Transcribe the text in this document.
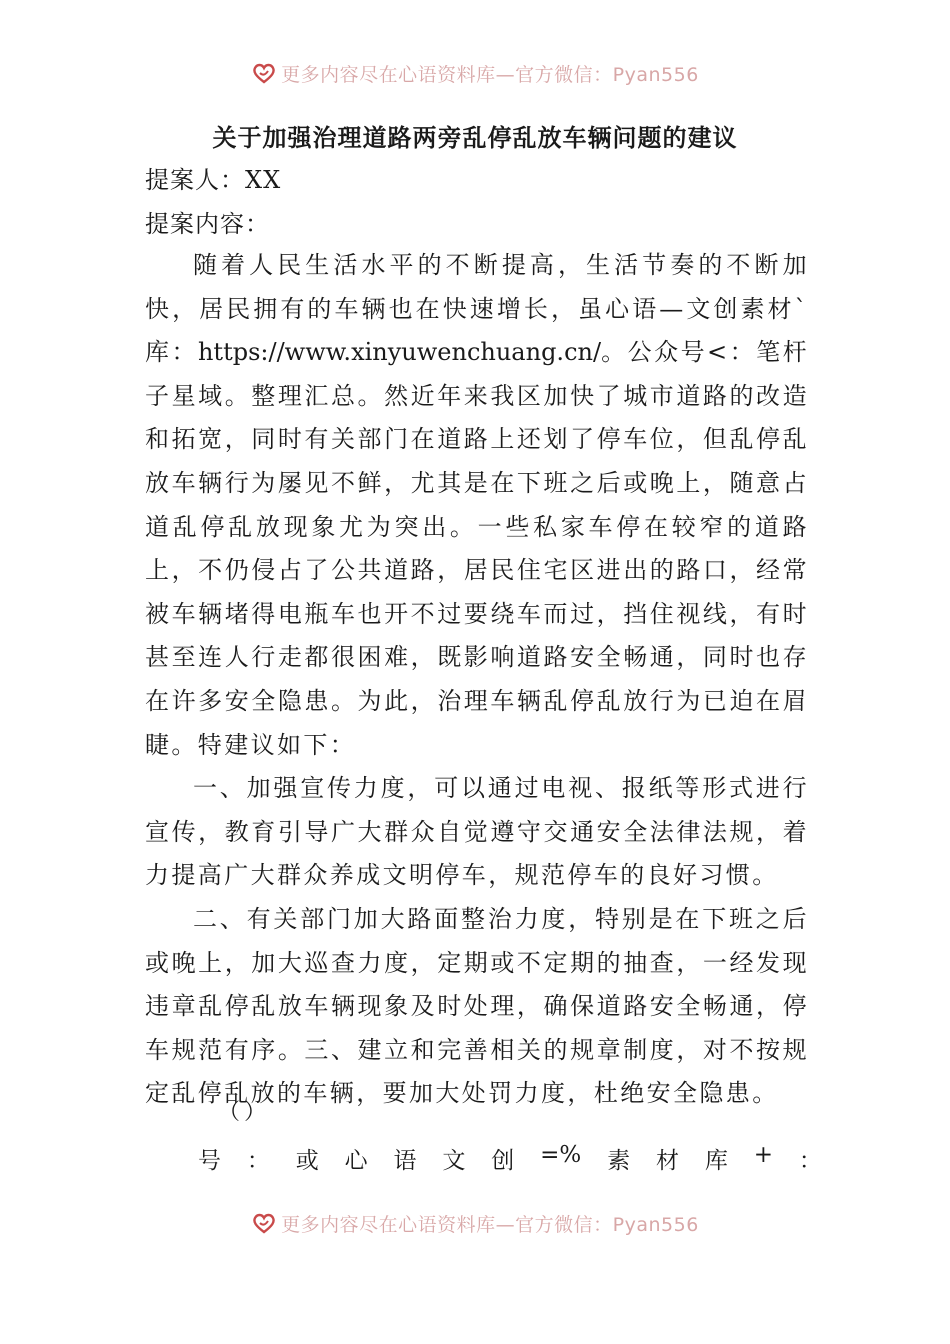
更多内容尽在心语资料库—官方微信：Pyan556
关于加强治理道路两旁乱停乱放车辆问题的建议
提案人：XX
提案内容：

随着人民生活水平的不断提高，生活节奏的不断加快，居民拥有的车辆也在快速增长，虽心语—文创素材`库：https://www.xinyuwenchuang.cn/。公众号<：笔杆子星域。整理汇总。然近年来我区加快了城市道路的改造和拓宽，同时有关部门在道路上还划了停车位，但乱停乱放车辆行为屡见不鲜，尤其是在下班之后或晚上，随意占道乱停乱放现象尤为突出。一些私家车停在较窄的道路上，不仍侵占了公共道路，居民住宅区进出的路口，经常被车辆堵得电瓶车也开不过要绕车而过，挡住视线，有时甚至连人行走都很困难，既影响道路安全畅通，同时也存在许多安全隐患。为此，治理车辆乱停乱放行为已迫在眉睫。特建议如下：

一、加强宣传力度，可以通过电视、报纸等形式进行宣传，教育引导广大群众自觉遵守交通安全法律法规，着力提高广大群众养成文明停车，规范停车的良好习惯。

二、有关部门加大路面整治力度，特别是在下班之后或晚上，加大巡查力度，定期或不定期的抽查，一经发现违章乱停乱放车辆现象及时处理，确保道路安全畅通，停车规范有序。三、建立和完善相关的规章制度，对不按规定乱停乱放的车辆，要加大处罚力度，杜绝安全隐患。

（）
号 ： 或 心 语 文 创 =% 素 材 库 + ：
更多内容尽在心语资料库—官方微信：Pyan556
